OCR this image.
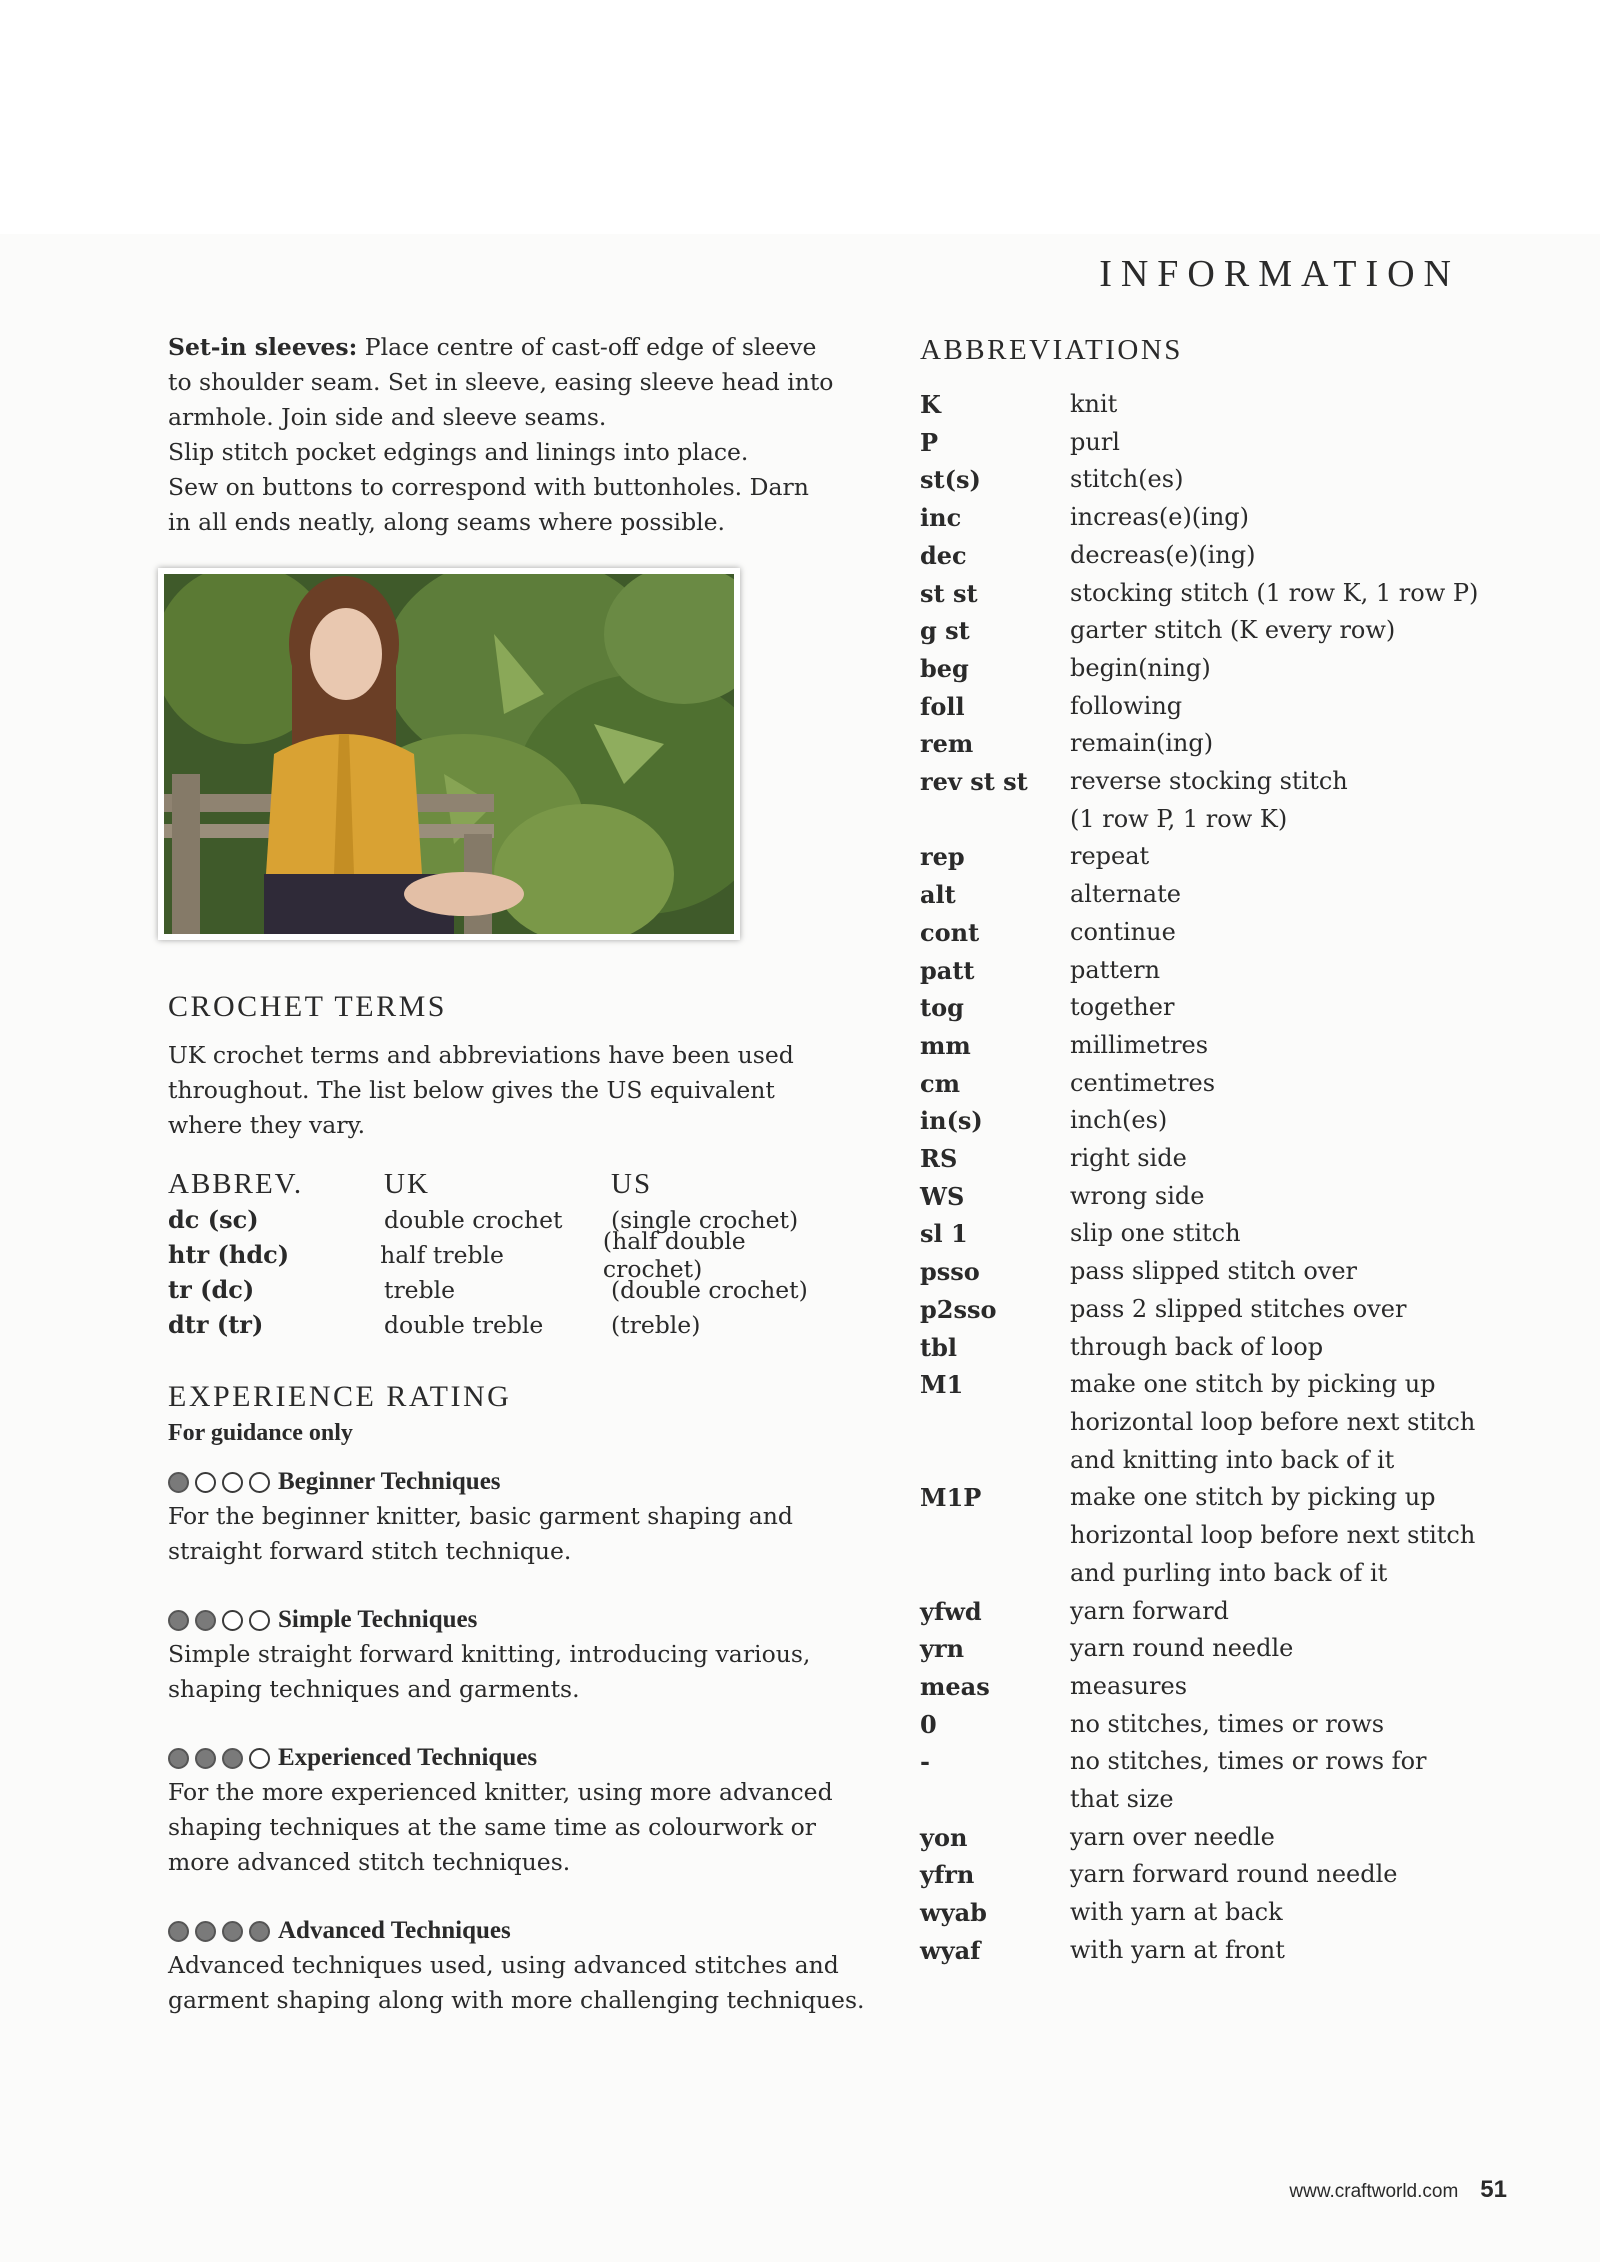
INFORMATION

Set-in sleeves: Place centre of cast-off edge of sleeve to shoulder seam. Set in sleeve, easing sleeve head into armhole. Join side and sleeve seams.

Slip stitch pocket edgings and linings into place.

Sew on buttons to correspond with buttonholes. Darn in all ends neatly, along seams where possible.

CROCHET TERMS

UK crochet terms and abbreviations have been used throughout. The list below gives the US equivalent where they vary.

ABBREV.	UK	US
dc (sc)	double crochet	(single crochet)
htr (hdc)	half treble	(half double crochet)
tr (dc)	treble	(double crochet)
dtr (tr)	double treble	(treble)
EXPERIENCE RATING

For guidance only

Beginner Techniques

For the beginner knitter, basic garment shaping and straight forward stitch technique.

Simple Techniques

Simple straight forward knitting, introducing various, shaping techniques and garments.

Experienced Techniques

For the more experienced knitter, using more advanced shaping techniques at the same time as colourwork or more advanced stitch techniques.

Advanced Techniques

Advanced techniques used, using advanced stitches and garment shaping along with more challenging techniques.

ABBREVIATIONS
K	knit
P	purl
st(s)	stitch(es)
inc	increas(e)(ing)
dec	decreas(e)(ing)
st st	stocking stitch (1 row K, 1 row P)
g st	garter stitch (K every row)
beg	begin(ning)
foll	following
rem	remain(ing)
rev st st	reverse stocking stitch
(1 row P, 1 row K)
rep	repeat
alt	alternate
cont	continue
patt	pattern
tog	together
mm	millimetres
cm	centimetres
in(s)	inch(es)
RS	right side
WS	wrong side
sl 1	slip one stitch
psso	pass slipped stitch over
p2sso	pass 2 slipped stitches over
tbl	through back of loop
M1	make one stitch by picking up
horizontal loop before next stitch
and knitting into back of it
M1P	make one stitch by picking up
horizontal loop before next stitch
and purling into back of it
yfwd	yarn forward
yrn	yarn round needle
meas	measures
0	no stitches, times or rows
-	no stitches, times or rows for
that size
yon	yarn over needle
yfrn	yarn forward round needle
wyab	with yarn at back
wyaf	with yarn at front
www.craftworld.com 51
